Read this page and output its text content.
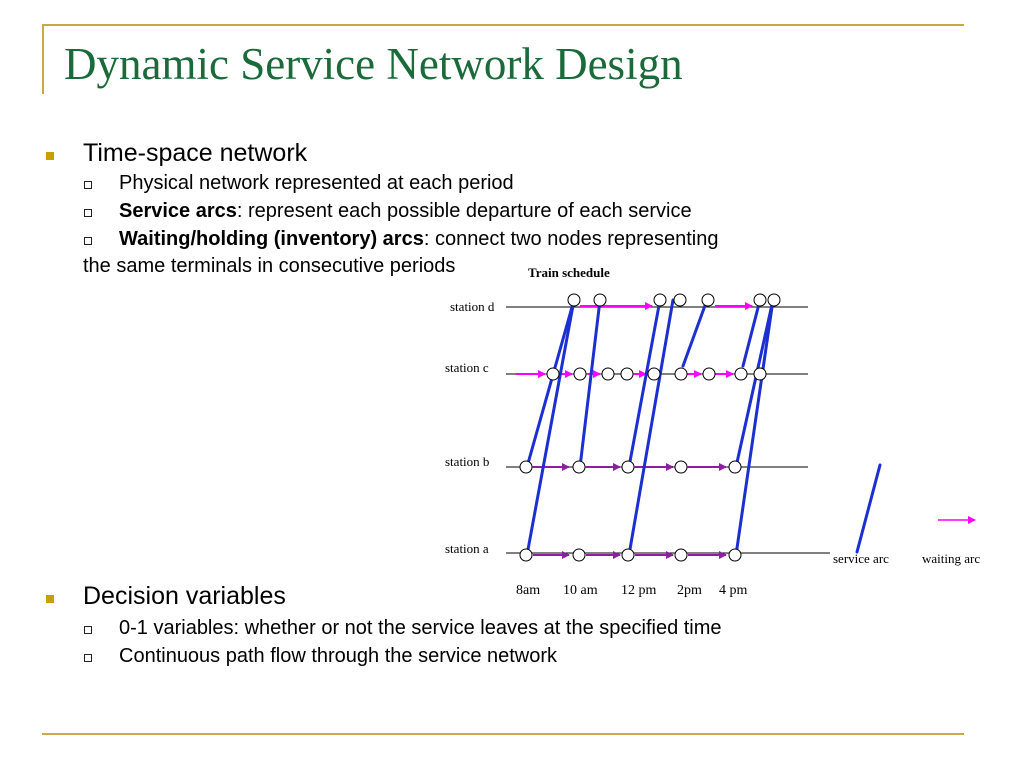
Dynamic Service Network Design
Time-space network
Physical network represented at each period
Service arcs: represent each possible departure of each service
Waiting/holding (inventory) arcs: connect two nodes representing
the same terminals in consecutive periods	Train schedule
station d
station c
station b
station a
8am 10 am 12 pm 2pm 4 pm
service arc	waiting arc
Decision variables
0-1 variables: whether or not the service leaves at the specified time
Continuous path flow through the service network
